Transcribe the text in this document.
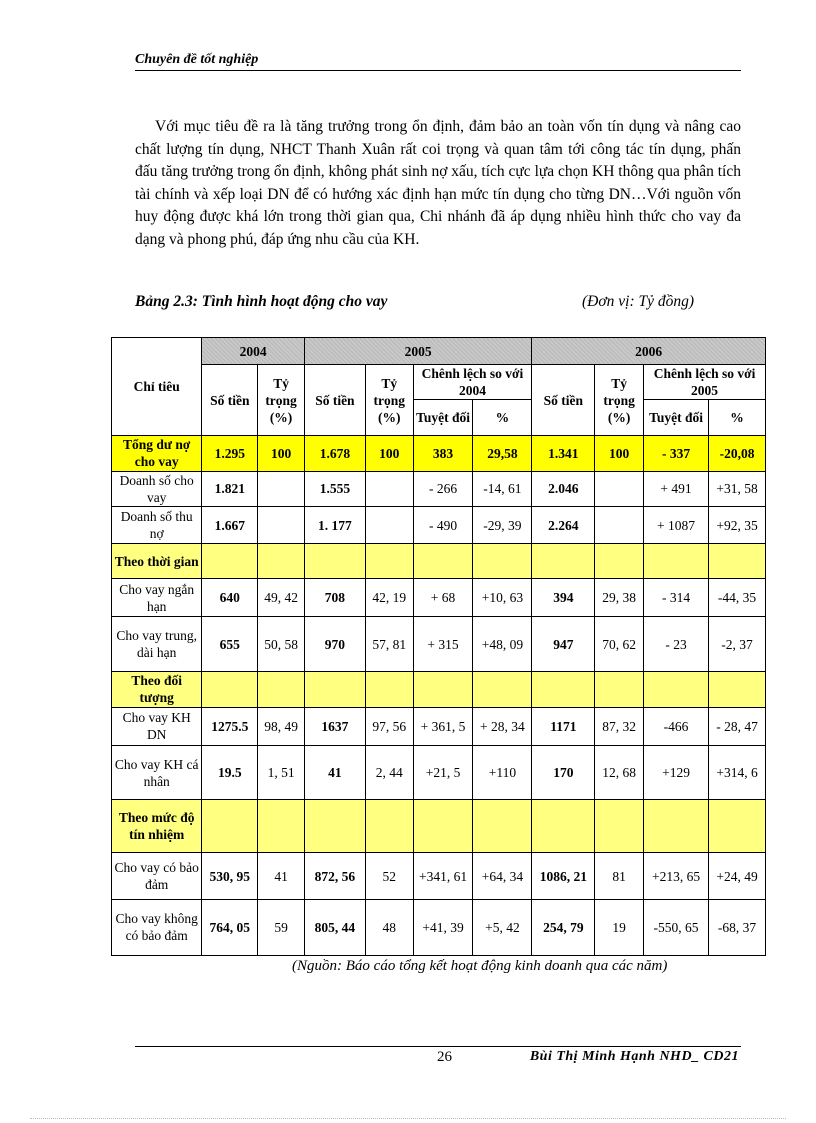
Chuyên đề tốt nghiệp
Với mục tiêu đề ra là tăng trưởng trong ổn định, đảm bảo an toàn vốn tín dụng và nâng cao chất lượng tín dụng, NHCT Thanh Xuân rất coi trọng và quan tâm tới công tác tín dụng, phấn đấu tăng trưởng trong ổn định, không phát sinh nợ xấu, tích cực lựa chọn KH thông qua phân tích tài chính và xếp loại DN để có hướng xác định hạn mức tín dụng cho từng DN…Với nguồn vốn huy động được khá lớn trong thời gian qua, Chi nhánh đã áp dụng nhiều hình thức cho vay đa dạng và phong phú, đáp ứng nhu cầu của KH.
Bảng 2.3: Tình hình hoạt động cho vay	(Đơn vị: Tỷ đồng)
Chỉ tiêu	2004		2005				2006			
	Số tiền	Tỷ trọng (%)	Số tiền	Tỷ trọng (%)	Chênh lệch so với 2004		Số tiền	Tỷ trọng (%)	Chênh lệch so với 2005	
					Tuyệt đối	%			Tuyệt đối	%
Tổng dư nợ cho vay	1.295	100	1.678	100	383	29,58	1.341	100	- 337	-20,08
Doanh số cho vay	1.821		1.555		- 266	-14, 61	2.046		+ 491	+31, 58
Doanh số thu nợ	1.667		1. 177		- 490	-29, 39	2.264		+ 1087	+92, 35
Theo thời gian										
Cho vay ngắn hạn	640	49, 42	708	42, 19	+ 68	+10, 63	394	29, 38	- 314	-44, 35
Cho vay trung, dài hạn	655	50, 58	970	57, 81	+ 315	+48, 09	947	70, 62	- 23	-2, 37
Theo đối tượng										
Cho vay KH DN	1275.5	98, 49	1637	97, 56	+ 361, 5	+ 28, 34	1171	87, 32	-466	- 28, 47
Cho vay KH cá nhân	19.5	1, 51	41	2, 44	+21, 5	+110	170	12, 68	+129	+314, 6
Theo mức độ tín nhiệm										
Cho vay có bảo đảm	530, 95	41	872, 56	52	+341, 61	+64, 34	1086, 21	81	+213, 65	+24, 49
Cho vay không có bảo đảm	764, 05	59	805, 44	48	+41, 39	+5, 42	254, 79	19	-550, 65	-68, 37
(Nguồn: Báo cáo tổng kết hoạt động kinh doanh qua các năm)
26	Bùi Thị Minh Hạnh NHD_ CD21
